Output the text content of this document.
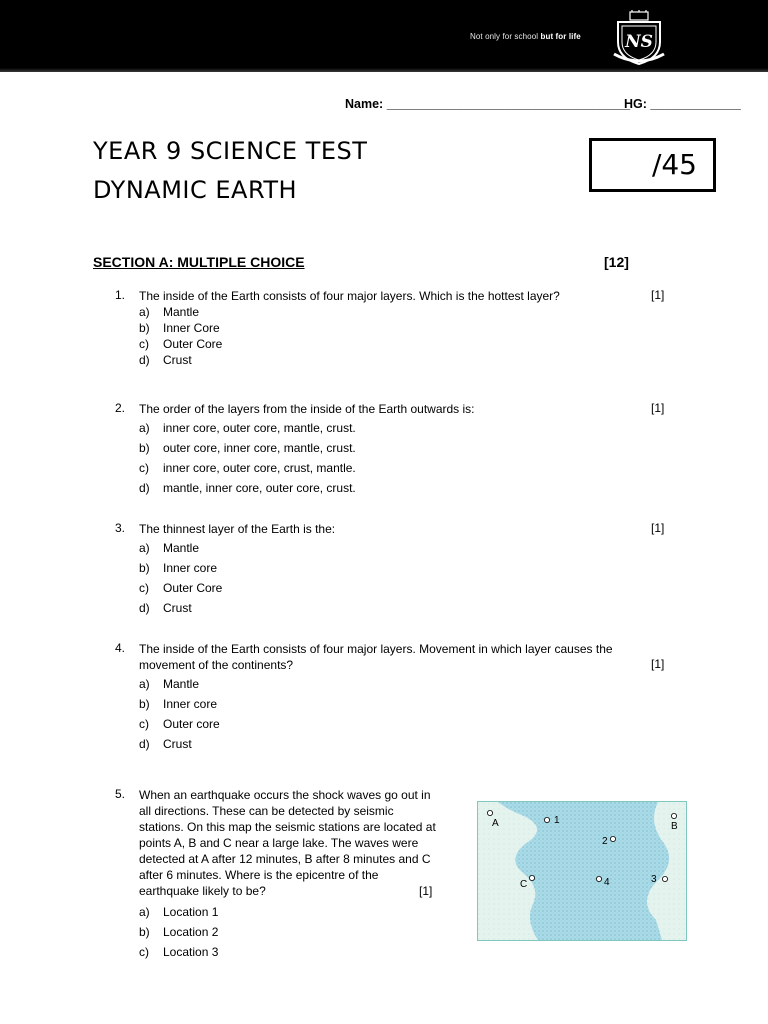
Not only for school but for life	NS
Name: ___________________________________
HG: _____________
YEAR 9 SCIENCE TEST
DYNAMIC EARTH
/45
SECTION A: MULTIPLE CHOICE	[12]
1. The inside of the Earth consists of four major layers. Which is the hottest layer?	[1]
a) Mantle
b) Inner Core
c) Outer Core
d) Crust
2. The order of the layers from the inside of the Earth outwards is:	[1]
a) inner core, outer core, mantle, crust.
b) outer core, inner core, mantle, crust.
c) inner core, outer core, crust, mantle.
d) mantle, inner core, outer core, crust.
3. The thinnest layer of the Earth is the:	[1]
a) Mantle
b) Inner core
c) Outer Core
d) Crust
4. The inside of the Earth consists of four major layers. Movement in which layer causes the
movement of the continents?	[1]
a) Mantle
b) Inner core
c) Outer core
d) Crust
5. When an earthquake occurs the shock waves go out in
all directions. These can be detected by seismic
stations. On this map the seismic stations are located at
points A, B and C near a large lake. The waves were
detected at A after 12 minutes, B after 8 minutes and C
after 6 minutes. Where is the epicentre of the
earthquake likely to be?	[1]
a) Location 1
b) Location 2
c) Location 3
A	B
C
1
2
3
4
